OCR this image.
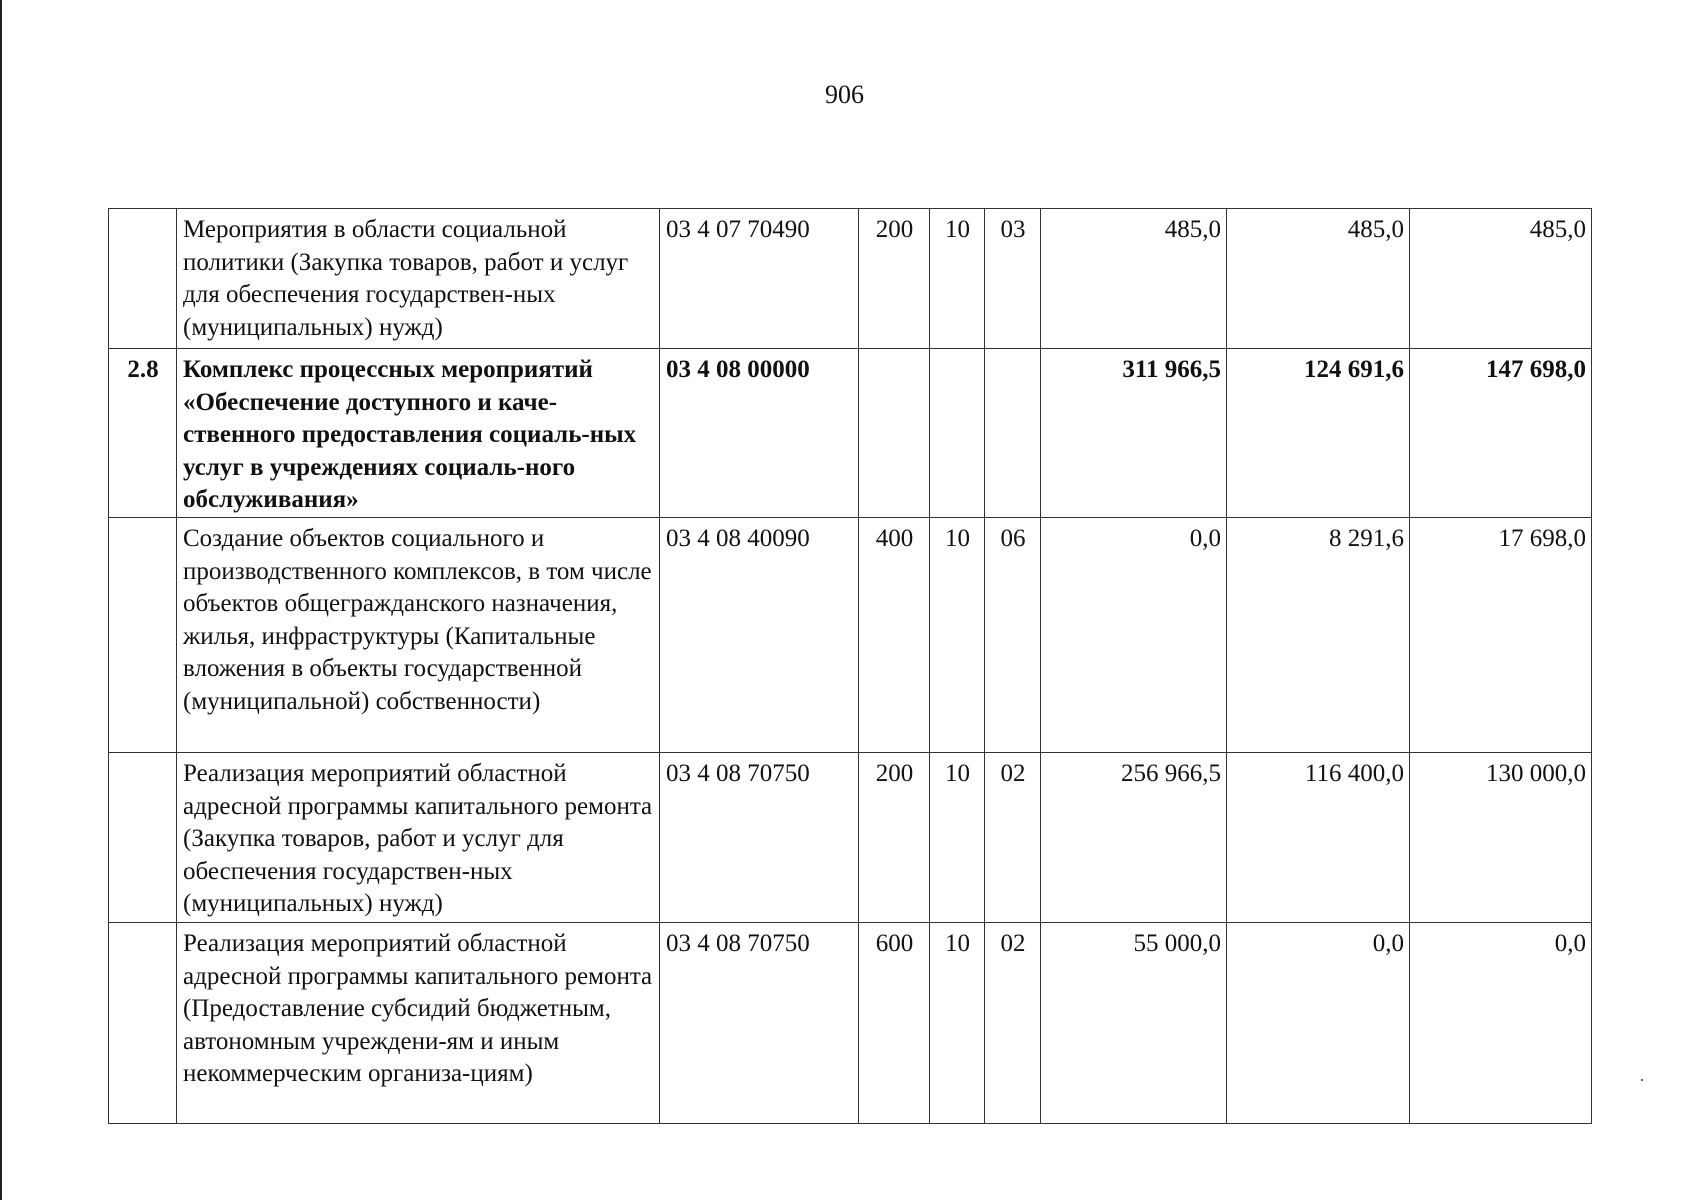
906
	Мероприятия в области социальной политики (Закупка товаров, работ и услуг для обеспечения государствен-ных (муниципальных) нужд)	03 4 07 70490	200	10	03	485,0	485,0	485,0
2.8	Комплекс процессных мероприятий «Обеспечение доступного и каче-ственного предоставления социаль-ных услуг в учреждениях социаль-ного обслуживания»	03 4 08 00000				311 966,5	124 691,6	147 698,0
	Создание объектов социального и производственного комплексов, в том числе объектов общегражданского назначения, жилья, инфраструктуры (Капитальные вложения в объекты государственной (муниципальной) собственности)	03 4 08 40090	400	10	06	0,0	8 291,6	17 698,0
	Реализация мероприятий областной адресной программы капитального ремонта (Закупка товаров, работ и услуг для обеспечения государствен-ных (муниципальных) нужд)	03 4 08 70750	200	10	02	256 966,5	116 400,0	130 000,0
	Реализация мероприятий областной адресной программы капитального ремонта (Предоставление субсидий бюджетным, автономным учреждени-ям и иным некоммерческим организа-циям)	03 4 08 70750	600	10	02	55 000,0	0,0	0,0
